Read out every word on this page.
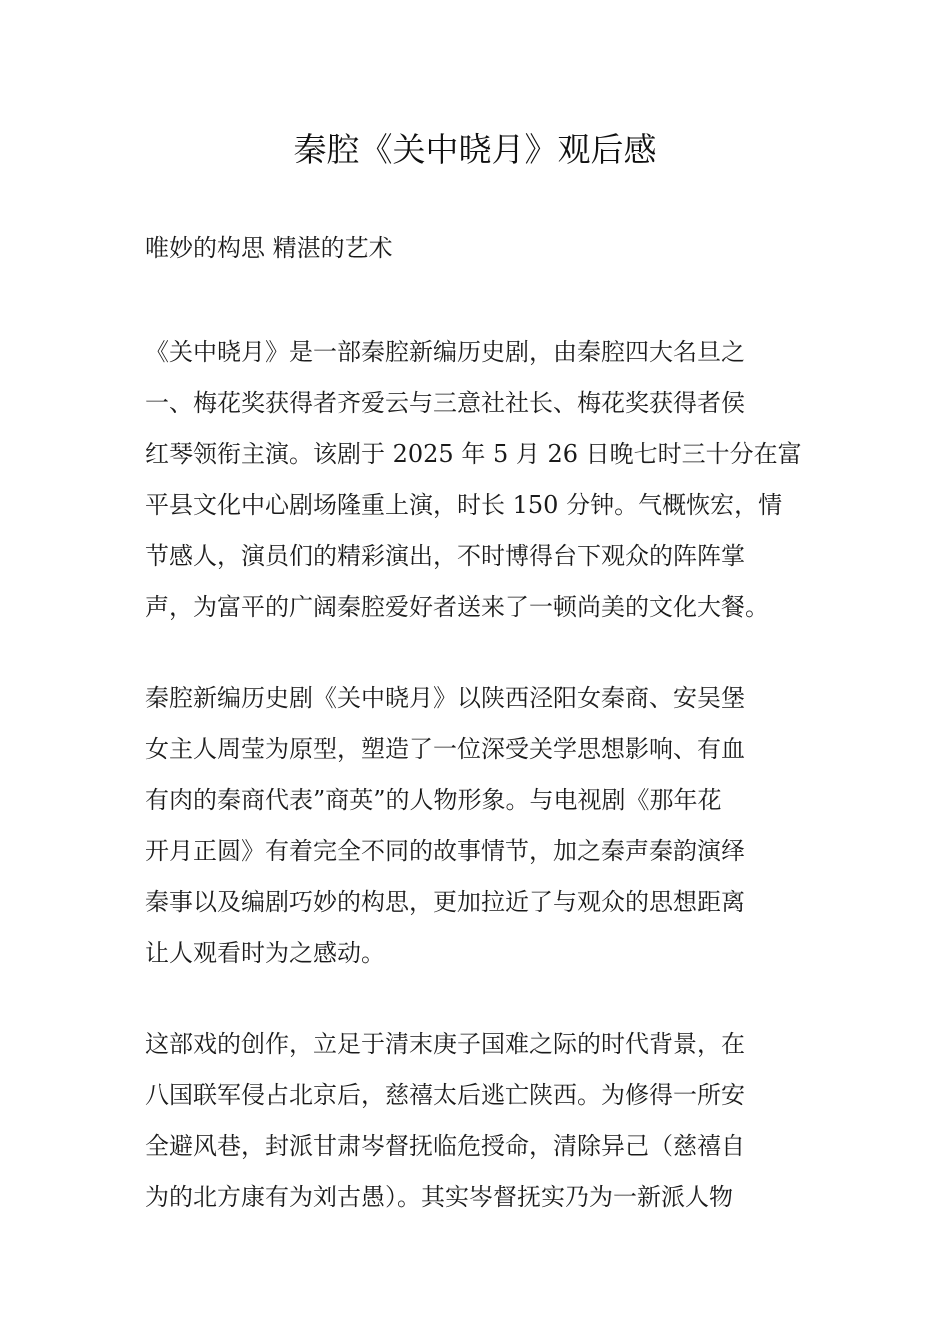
秦腔《关中晓月》观后感

唯妙的构思 精湛的艺术

《关中晓月》是一部秦腔新编历史剧，由秦腔四大名旦之
一、梅花奖获得者齐爱云与三意社社长、梅花奖获得者侯
红琴领衔主演。该剧于 2025 年 5 月 26 日晚七时三十分在富
平县文化中心剧场隆重上演，时长 150 分钟。气概恢宏，情
节感人，演员们的精彩演出，不时博得台下观众的阵阵掌
声，为富平的广阔秦腔爱好者送来了一顿尚美的文化大餐。
秦腔新编历史剧《关中晓月》以陕西泾阳女秦商、安吴堡
女主人周莹为原型，塑造了一位深受关学思想影响、有血
有肉的秦商代表”商英”的人物形象。与电视剧《那年花
开月正圆》有着完全不同的故事情节，加之秦声秦韵演绎
秦事以及编剧巧妙的构思，更加拉近了与观众的思想距离
让人观看时为之感动。
这部戏的创作，立足于清末庚子国难之际的时代背景，在
八国联军侵占北京后，慈禧太后逃亡陕西。为修得一所安
全避风巷，封派甘肃岑督抚临危授命，清除异己（慈禧自
为的北方康有为刘古愚）。其实岑督抚实乃为一新派人物
